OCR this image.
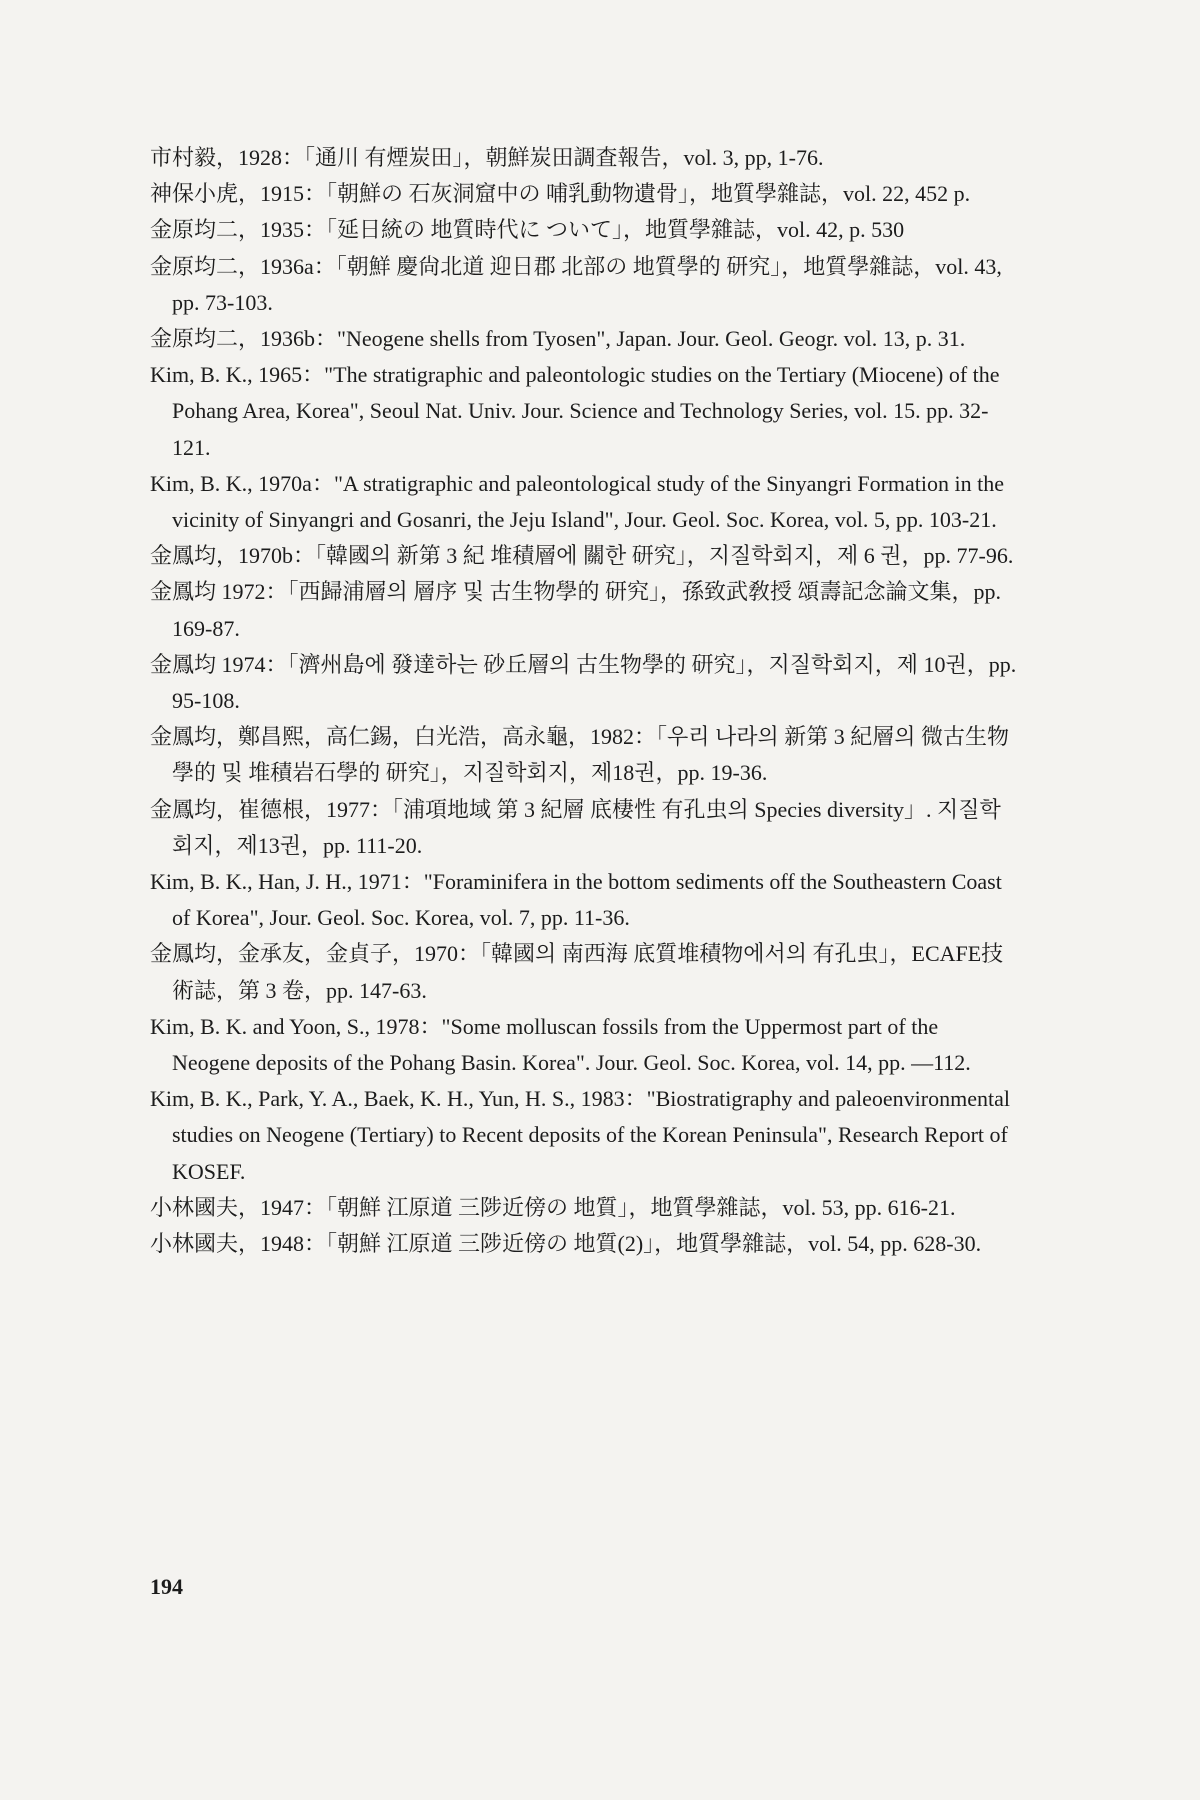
市村毅，1928：「通川 有煙炭田」，朝鮮炭田調査報告，vol. 3, pp, 1-76.

神保小虎，1915：「朝鮮の 石灰洞窟中の 哺乳動物遺骨」，地質學雜誌，vol. 22, 452 p.

金原均二，1935：「延日統の 地質時代に ついて」，地質學雜誌，vol. 42, p. 530

金原均二，1936a：「朝鮮 慶尙北道 迎日郡 北部の 地質學的 研究」，地質學雜誌，vol. 43, pp. 73-103.

金原均二，1936b："Neogene shells from Tyosen", Japan. Jour. Geol. Geogr. vol. 13, p. 31.

Kim, B. K., 1965："The stratigraphic and paleontologic studies on the Tertiary (Miocene) of the Pohang Area, Korea", Seoul Nat. Univ. Jour. Science and Technology Series, vol. 15. pp. 32-121.

Kim, B. K., 1970a："A stratigraphic and paleontological study of the Sinyangri Formation in the vicinity of Sinyangri and Gosanri, the Jeju Island", Jour. Geol. Soc. Korea, vol. 5, pp. 103-21.

金鳳均，1970b：「韓國의 新第 3 紀 堆積層에 關한 研究」，지질학회지，제 6 권，pp. 77-96.

金鳳均 1972：「西歸浦層의 層序 및 古生物學的 研究」，孫致武敎授 頌壽記念論文集，pp. 169-87.

金鳳均 1974：「濟州島에 發達하는 砂丘層의 古生物學的 研究」，지질학회지，제 10권，pp. 95-108.

金鳳均，鄭昌熙，高仁錫，白光浩，高永龜，1982：「우리 나라의 新第 3 紀層의 微古生物學的 및 堆積岩石學的 研究」，지질학회지，제18권，pp. 19-36.

金鳳均，崔德根，1977：「浦項地域 第 3 紀層 底棲性 有孔虫의 Species diversity」. 지질학회지，제13권，pp. 111-20.

Kim, B. K., Han, J. H., 1971："Foraminifera in the bottom sediments off the Southeastern Coast of Korea", Jour. Geol. Soc. Korea, vol. 7, pp. 11-36.

金鳳均，金承友，金貞子，1970：「韓國의 南西海 底質堆積物에서의 有孔虫」，ECAFE技術誌，第 3 卷，pp. 147-63.

Kim, B. K. and Yoon, S., 1978："Some molluscan fossils from the Uppermost part of the Neogene deposits of the Pohang Basin. Korea". Jour. Geol. Soc. Korea, vol. 14, pp. —112.

Kim, B. K., Park, Y. A., Baek, K. H., Yun, H. S., 1983："Biostratigraphy and paleoenvironmental studies on Neogene (Tertiary) to Recent deposits of the Korean Peninsula", Research Report of KOSEF.

小林國夫，1947：「朝鮮 江原道 三陟近傍の 地質」，地質學雜誌，vol. 53, pp. 616-21.

小林國夫，1948：「朝鮮 江原道 三陟近傍の 地質(2)」，地質學雜誌，vol. 54, pp. 628-30.

194
